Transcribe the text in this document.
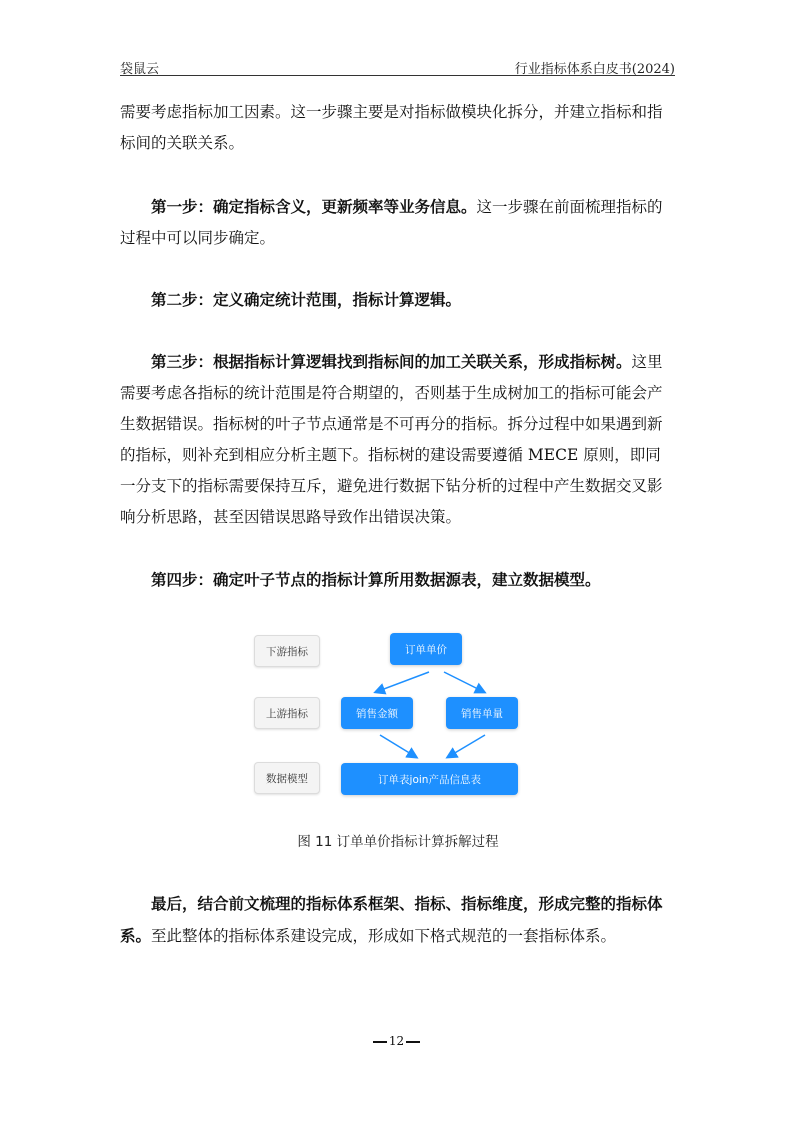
袋鼠云	行业指标体系白皮书(2024)

需要考虑指标加工因素。这一步骤主要是对指标做模块化拆分，并建立指标和指标间的关联关系。

第一步：确定指标含义，更新频率等业务信息。这一步骤在前面梳理指标的过程中可以同步确定。

第二步：定义确定统计范围，指标计算逻辑。

第三步：根据指标计算逻辑找到指标间的加工关联关系，形成指标树。这里需要考虑各指标的统计范围是符合期望的，否则基于生成树加工的指标可能会产生数据错误。指标树的叶子节点通常是不可再分的指标。拆分过程中如果遇到新的指标，则补充到相应分析主题下。指标树的建设需要遵循 MECE 原则，即同一分支下的指标需要保持互斥，避免进行数据下钻分析的过程中产生数据交叉影响分析思路，甚至因错误思路导致作出错误决策。

第四步：确定叶子节点的指标计算所用数据源表，建立数据模型。

下游指标
上游指标
数据模型
订单单价
销售金额	销售单量
订单表join产品信息表
图 11 订单单价指标计算拆解过程

最后，结合前文梳理的指标体系框架、指标、指标维度，形成完整的指标体系。至此整体的指标体系建设完成，形成如下格式规范的一套指标体系。

12
